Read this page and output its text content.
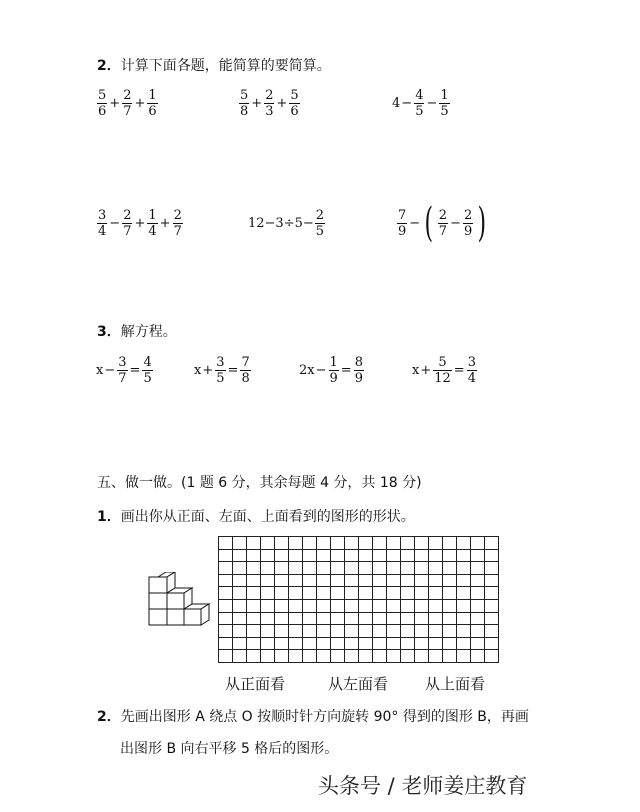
2．计算下面各题，能简算的要简算。
$\frac{5}{6} + \frac{2}{7} + \frac{1}{6}$	$\frac{5}{8} + \frac{2}{3} + \frac{5}{6}$	$4 - \frac{4}{5} - \frac{1}{5}$
$\frac{3}{4} - \frac{2}{7} + \frac{1}{4} + \frac{2}{7}$	$12-3\div 5- \frac{2}{5}$	$\frac{7}{9}$ − ( $\frac{2}{7} - \frac{2}{9}$ )
3．解方程。
$x - \frac{3}{7} = \frac{4}{5}$	$x + \frac{3}{5} = \frac{7}{8}$	$2x - \frac{1}{9} = \frac{8}{9}$	$x + \frac{5}{12} = \frac{3}{4}$
五、做一做。(1 题 6 分，其余每题 4 分，共 18 分)
1．画出你从正面、左面、上面看到的图形的形状。
从正面看	从左面看 从上面看
2．先画出图形 A 绕点 O 按顺时针方向旋转 90° 得到的图形 B，再画
出图形 B 向右平移 5 格后的图形。
头条号 / 老师姜庄教育
